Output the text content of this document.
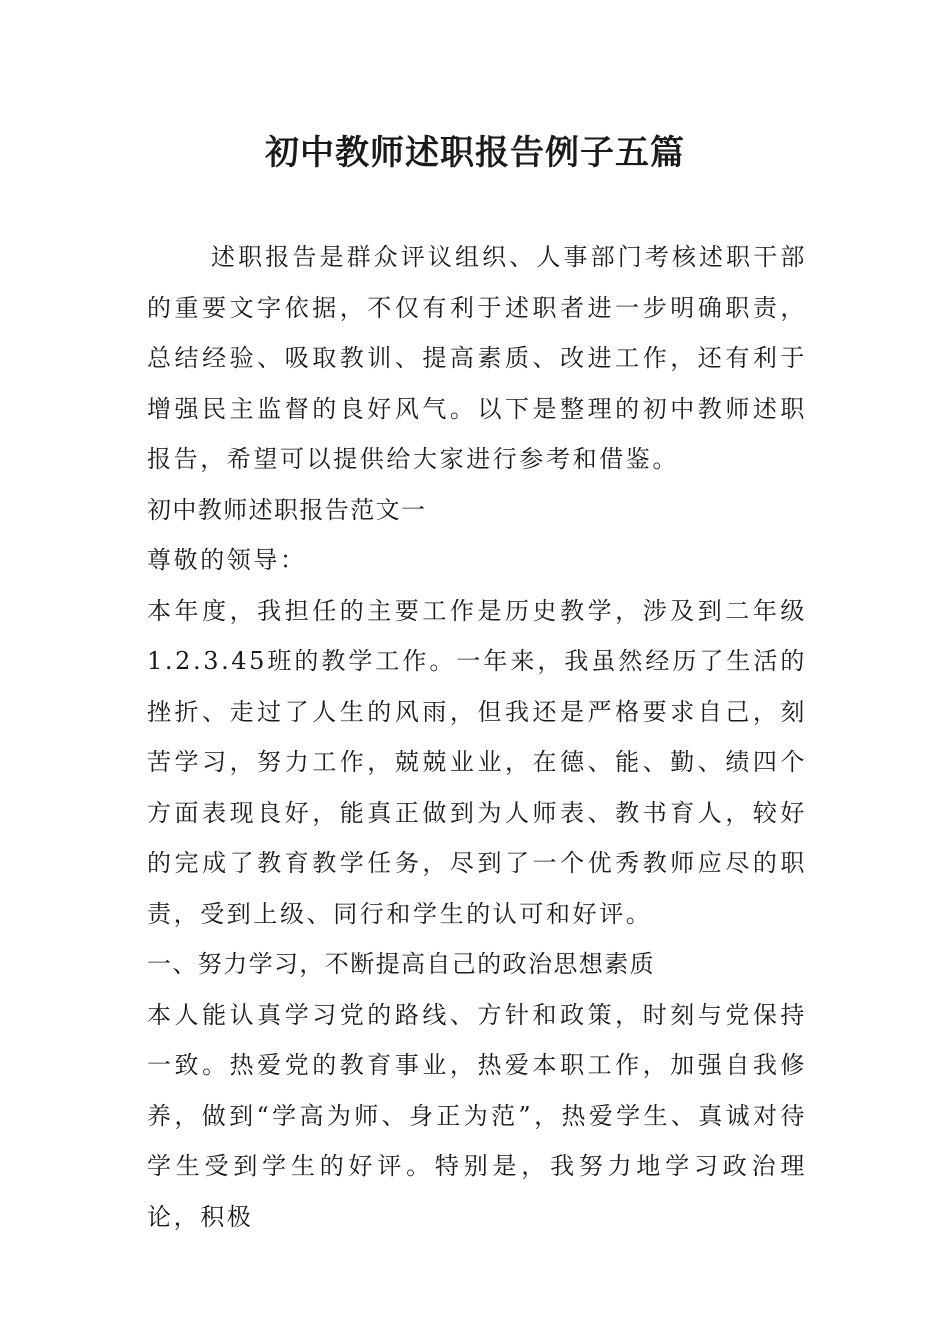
初中教师述职报告例子五篇

述职报告是群众评议组织、人事部门考核述职干部的重要文字依据，不仅有利于述职者进一步明确职责，总结经验、吸取教训、提高素质、改进工作，还有利于增强民主监督的良好风气。以下是整理的初中教师述职报告，希望可以提供给大家进行参考和借鉴。

初中教师述职报告范文一

尊敬的领导：

本年度，我担任的主要工作是历史教学，涉及到二年级1.2.3.45班的教学工作。一年来，我虽然经历了生活的挫折、走过了人生的风雨，但我还是严格要求自己，刻苦学习，努力工作，兢兢业业，在德、能、勤、绩四个方面表现良好，能真正做到为人师表、教书育人，较好的完成了教育教学任务，尽到了一个优秀教师应尽的职责，受到上级、同行和学生的认可和好评。

一、努力学习，不断提高自己的政治思想素质

本人能认真学习党的路线、方针和政策，时刻与党保持一致。热爱党的教育事业，热爱本职工作，加强自我修养，做到“学高为师、身正为范”，热爱学生、真诚对待学生受到学生的好评。特别是，我努力地学习政治理论，积极
